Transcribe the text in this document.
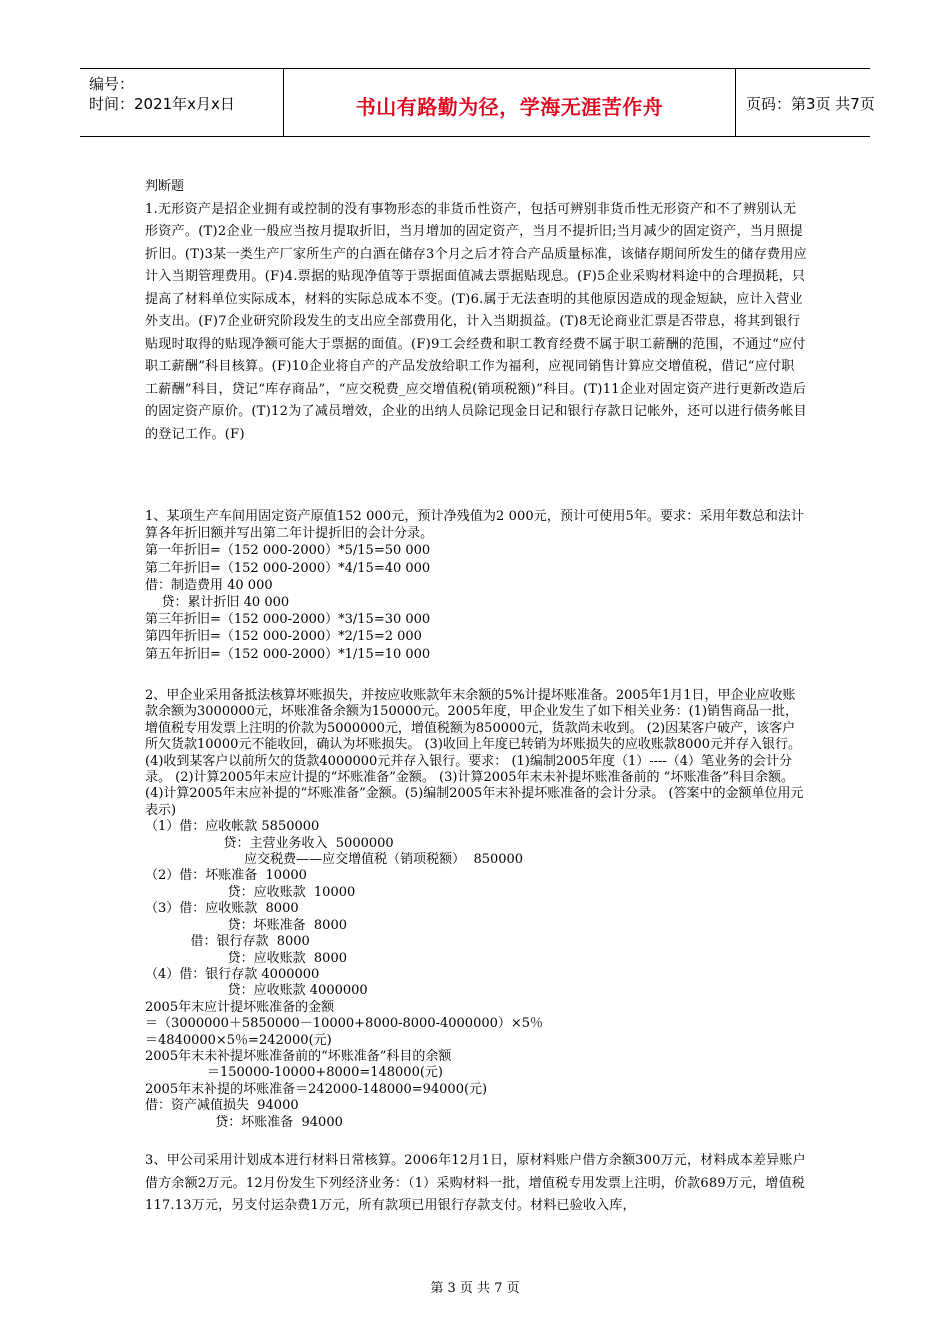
编号：
时间：2021年x月x日	书山有路勤为径，学海无涯苦作舟	页码：第3页 共7页

判断题

1.无形资产是招企业拥有或控制的没有事物形态的非货币性资产，包括可辨别非货币性无形资产和不了辨别认无形资产。(T)2企业一般应当按月提取折旧，当月增加的固定资产，当月不提折旧;当月减少的固定资产，当月照提折旧。(T)3某一类生产厂家所生产的白酒在储存3个月之后才符合产品质量标准，该储存期间所发生的储存费用应计入当期管理费用。(F)4.票据的贴现净值等于票据面值减去票据贴现息。(F)5企业采购材料途中的合理损耗，只提高了材料单位实际成本，材料的实际总成本不变。(T)6.属于无法查明的其他原因造成的现金短缺，应计入营业外支出。(F)7企业研究阶段发生的支出应全部费用化，计入当期损益。(T)8无论商业汇票是否带息，将其到银行贴现时取得的贴现净额可能大于票据的面值。(F)9工会经费和职工教育经费不属于职工薪酬的范围，不通过“应付职工薪酬”科目核算。(F)10企业将自产的产品发放给职工作为福利，应视同销售计算应交增值税，借记“应付职工薪酬”科目，贷记“库存商品”，“应交税费_应交增值税(销项税额)”科目。(T)11企业对固定资产进行更新改造后的固定资产原价。(T)12为了减员增效，企业的出纳人员除记现金日记和银行存款日记帐外，还可以进行债务帐目的登记工作。(F)

1、某项生产车间用固定资产原值152 000元，预计净残值为2 000元，预计可使用5年。要求：采用年数总和法计算各年折旧额并写出第二年计提折旧的会计分录。

第一年折旧=（152 000-2000）*5/15=50 000
第二年折旧=（152 000-2000）*4/15=40 000
借：制造费用 40 000
贷：累计折旧 40 000
第三年折旧=（152 000-2000）*3/15=30 000
第四年折旧=（152 000-2000）*2/15=2 000
第五年折旧=（152 000-2000）*1/15=10 000

2、甲企业采用备抵法核算坏账损失，并按应收账款年末余额的5%计提坏账准备。2005年1月1日，甲企业应收账款余额为3000000元，坏账准备余额为150000元。2005年度，甲企业发生了如下相关业务：(1)销售商品一批，增值税专用发票上注明的价款为5000000元，增值税额为850000元，货款尚未收到。 (2)因某客户破产，该客户所欠货款10000元不能收回，确认为坏账损失。 (3)收回上年度已转销为坏账损失的应收账款8000元并存入银行。 (4)收到某客户以前所欠的货款4000000元并存入银行。要求： (1)编制2005年度（1）----（4）笔业务的会计分录。 (2)计算2005年末应计提的“坏账准备”金额。 (3)计算2005年末未补提坏账准备前的 “坏账准备”科目余额。 (4)计算2005年末应补提的“坏账准备”金额。(5)编制2005年末补提坏账准备的会计分录。 (答案中的金额单位用元表示)

（1）借：应收帐款 5850000
贷：主营业务收入  5000000
应交税费——应交增值税（销项税额）  850000
（2）借：坏账准备  10000
贷：应收账款  10000
（3）借：应收账款  8000
贷：坏账准备  8000
借：银行存款  8000
贷：应收账款  8000
（4）借：银行存款 4000000
贷：应收账款 4000000
2005年末应计提坏账准备的金额
＝（3000000＋5850000－10000+8000-8000-4000000）×5％
＝4840000×5％=242000(元)
2005年末未补提坏账准备前的“坏账准备”科目的余额
＝150000-10000+8000=148000(元)
2005年末补提的坏账准备＝242000-148000=94000(元)
借：资产减值损失  94000
贷：坏账准备  94000

3、甲公司采用计划成本进行材料日常核算。2006年12月1日，原材料账户借方余额300万元，材料成本差异账户借方余额2万元。12月份发生下列经济业务：（1）采购材料一批，增值税专用发票上注明，价款689万元，增值税117.13万元，另支付运杂费1万元，所有款项已用银行存款支付。材料已验收入库，

第 3 页 共 7 页
